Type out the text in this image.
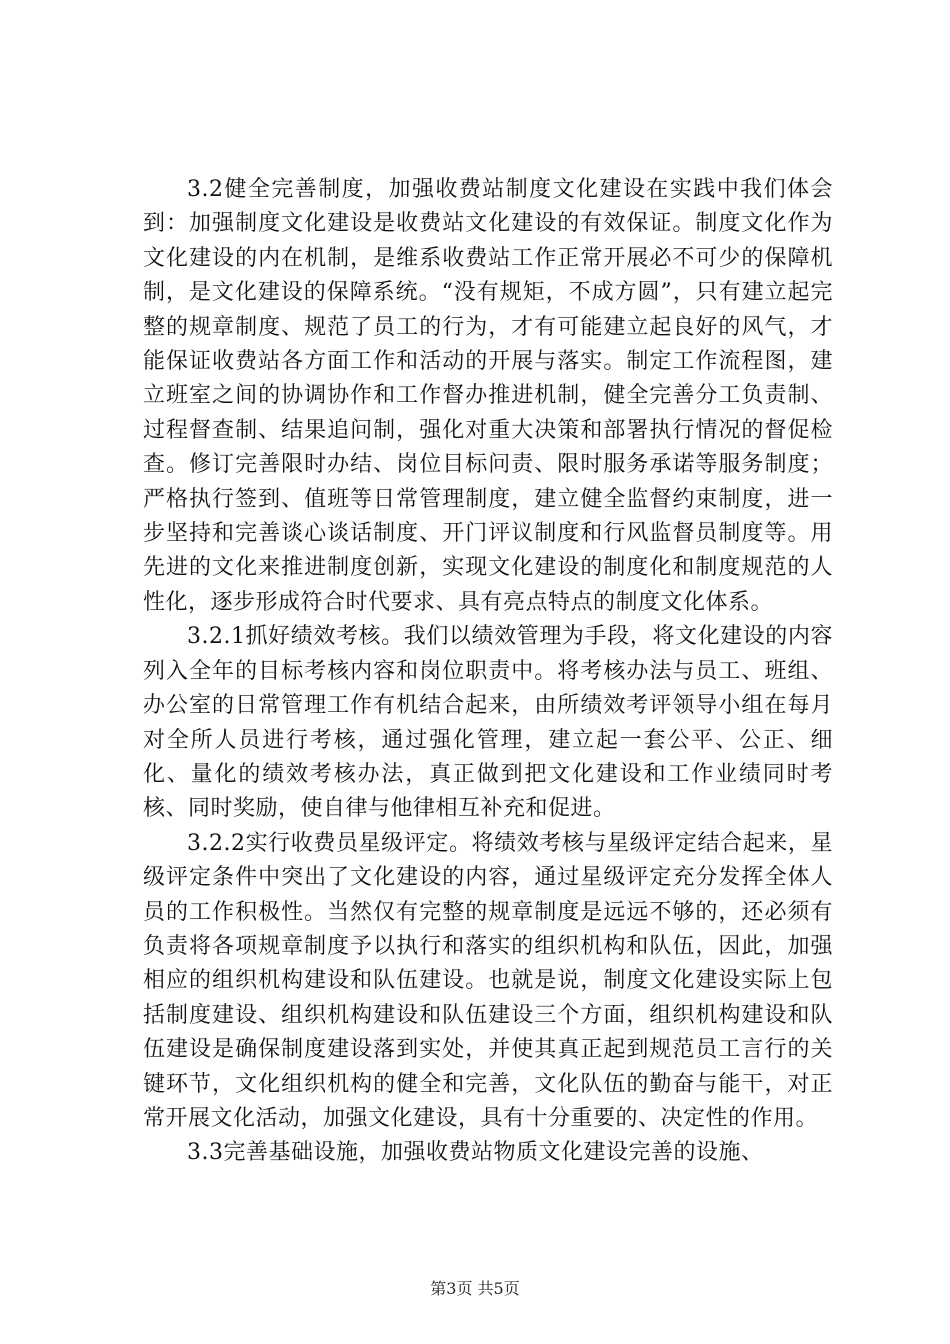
3.2健全完善制度，加强收费站制度文化建设在实践中我们体会到：加强制度文化建设是收费站文化建设的有效保证。制度文化作为文化建设的内在机制，是维系收费站工作正常开展必不可少的保障机制，是文化建设的保障系统。“没有规矩，不成方圆”，只有建立起完整的规章制度、规范了员工的行为，才有可能建立起良好的风气，才能保证收费站各方面工作和活动的开展与落实。制定工作流程图，建立班室之间的协调协作和工作督办推进机制，健全完善分工负责制、过程督查制、结果追问制，强化对重大决策和部署执行情况的督促检查。修订完善限时办结、岗位目标问责、限时服务承诺等服务制度；严格执行签到、值班等日常管理制度，建立健全监督约束制度，进一步坚持和完善谈心谈话制度、开门评议制度和行风监督员制度等。用先进的文化来推进制度创新，实现文化建设的制度化和制度规范的人性化，逐步形成符合时代要求、具有亮点特点的制度文化体系。

3.2.1抓好绩效考核。我们以绩效管理为手段，将文化建设的内容列入全年的目标考核内容和岗位职责中。将考核办法与员工、班组、办公室的日常管理工作有机结合起来，由所绩效考评领导小组在每月对全所人员进行考核，通过强化管理，建立起一套公平、公正、细化、量化的绩效考核办法，真正做到把文化建设和工作业绩同时考核、同时奖励，使自律与他律相互补充和促进。

3.2.2实行收费员星级评定。将绩效考核与星级评定结合起来，星级评定条件中突出了文化建设的内容，通过星级评定充分发挥全体人员的工作积极性。当然仅有完整的规章制度是远远不够的，还必须有负责将各项规章制度予以执行和落实的组织机构和队伍，因此，加强相应的组织机构建设和队伍建设。也就是说，制度文化建设实际上包括制度建设、组织机构建设和队伍建设三个方面，组织机构建设和队伍建设是确保制度建设落到实处，并使其真正起到规范员工言行的关键环节，文化组织机构的健全和完善，文化队伍的勤奋与能干，对正常开展文化活动，加强文化建设，具有十分重要的、决定性的作用。

3.3完善基础设施，加强收费站物质文化建设完善的设施、

第3页 共5页
